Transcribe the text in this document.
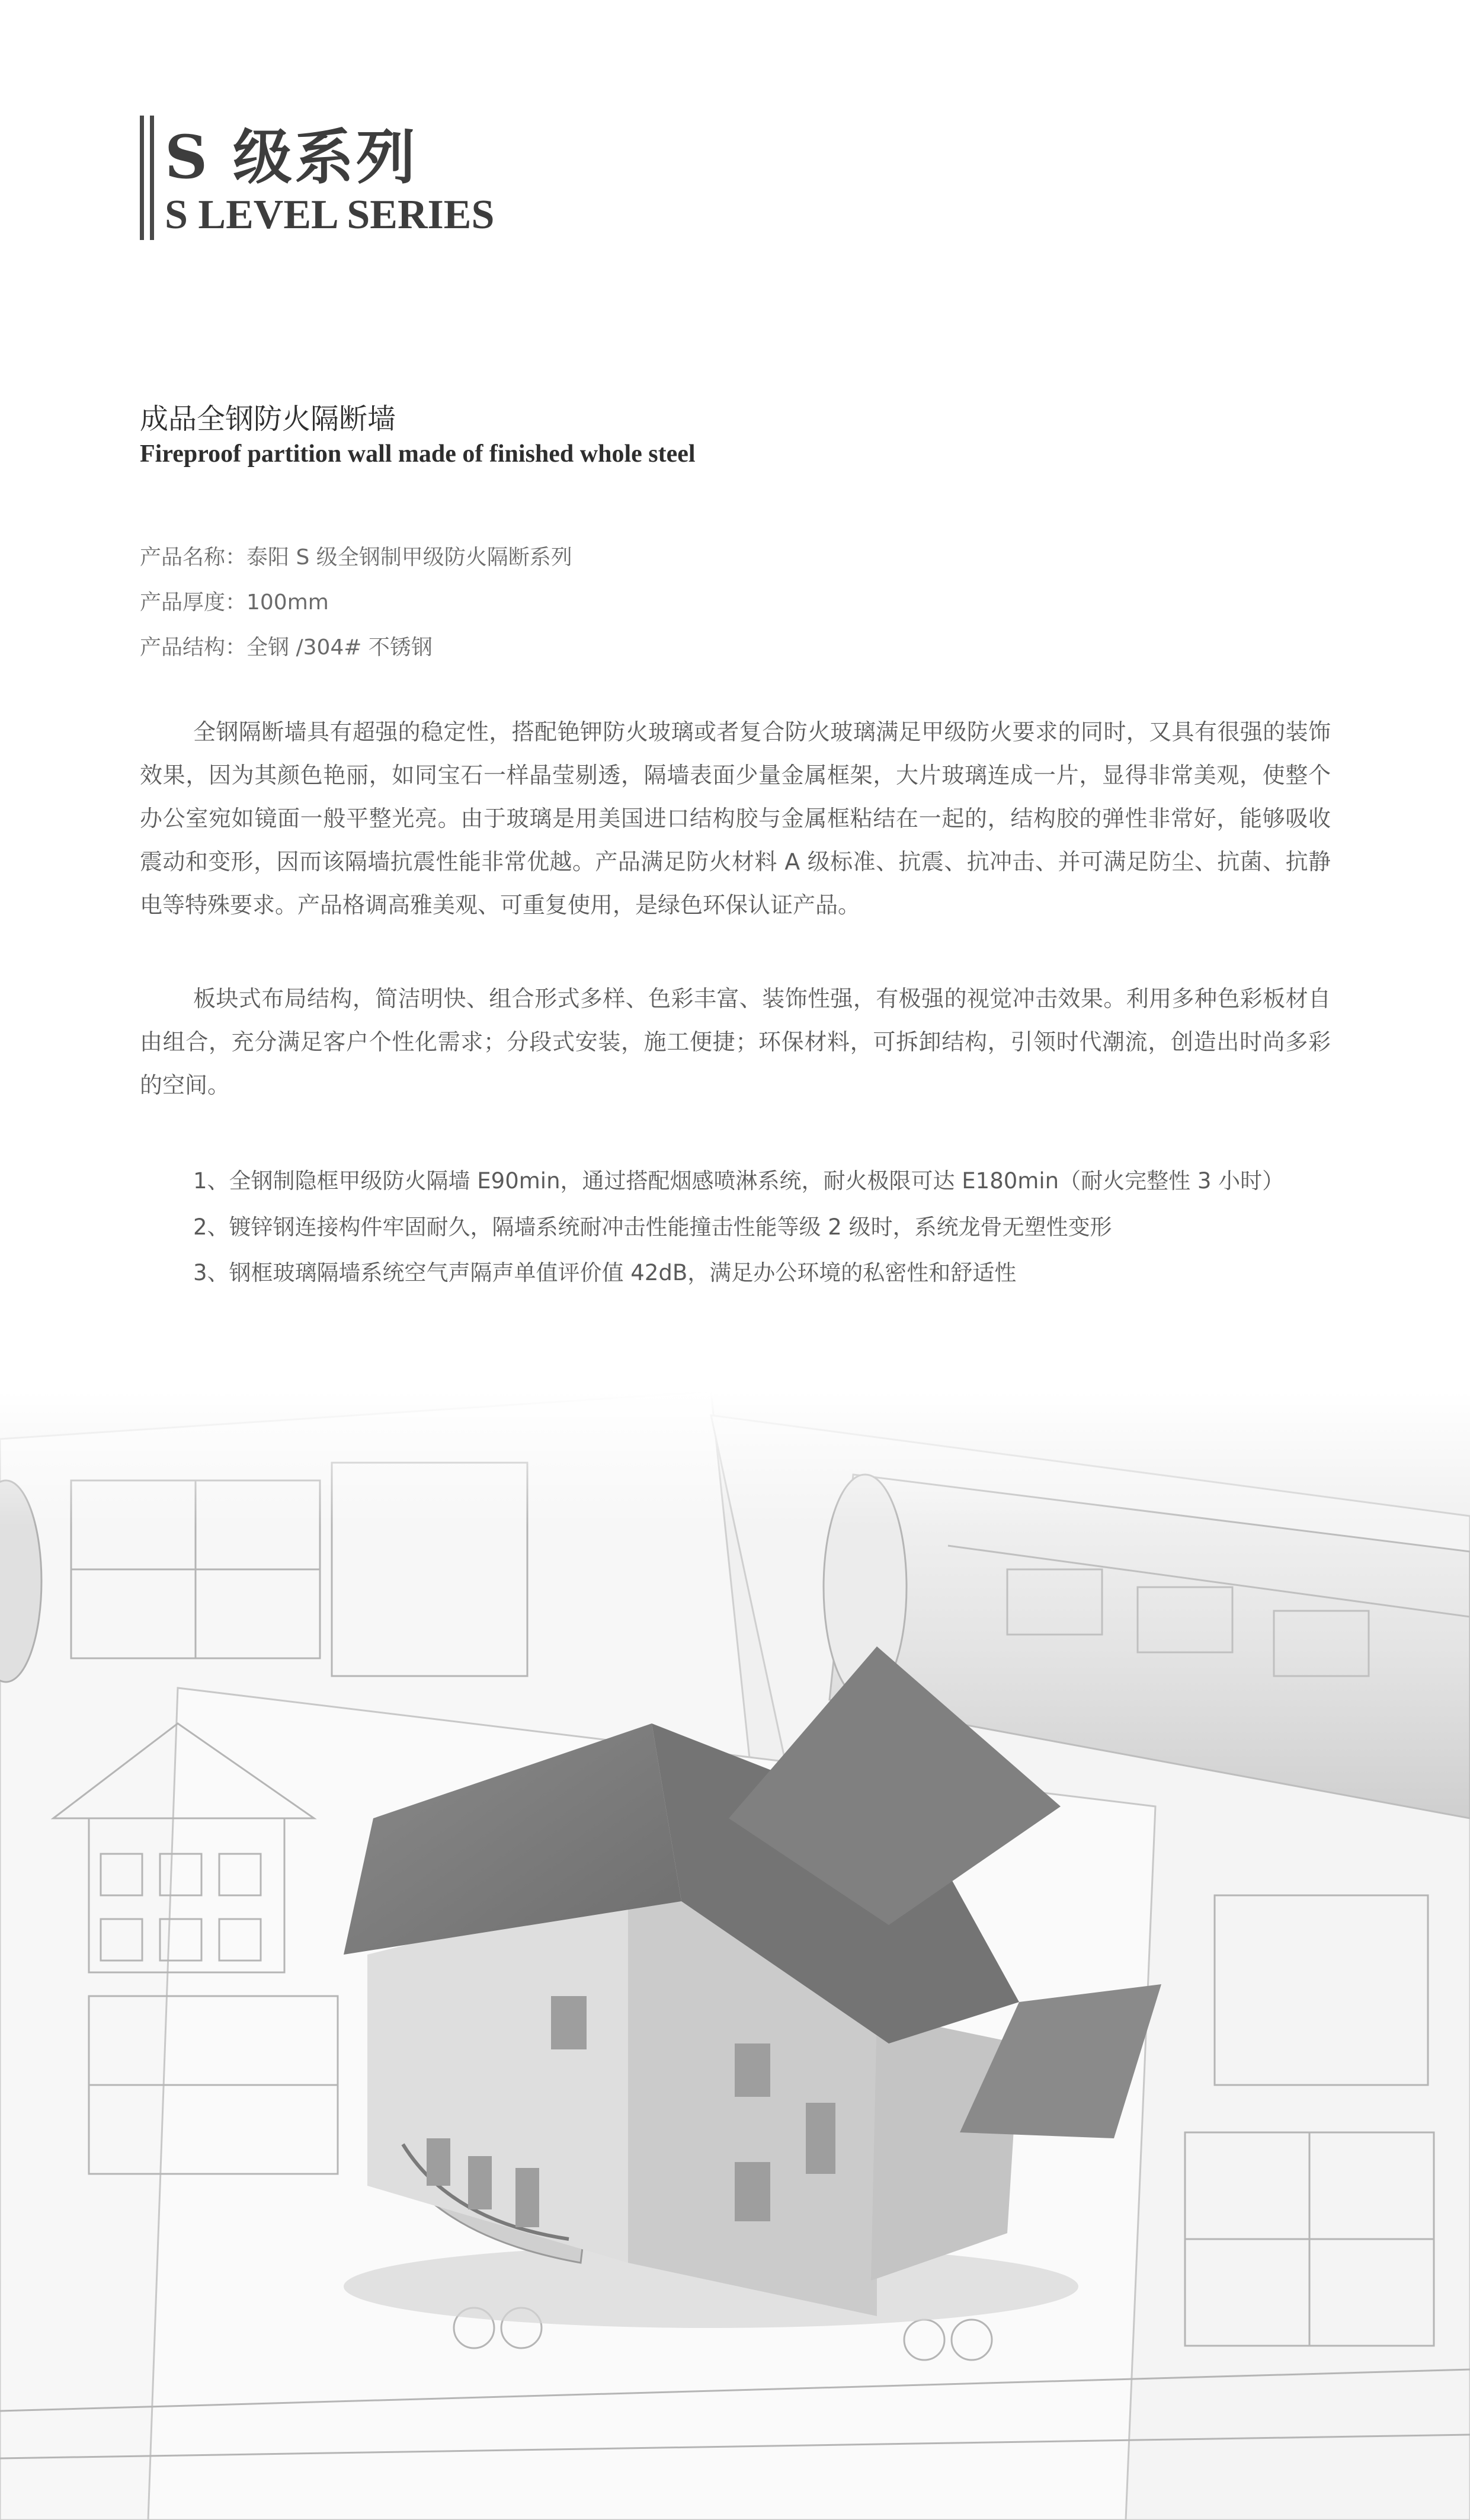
S 级系列
S LEVEL SERIES
成品全钢防火隔断墙
Fireproof partition wall made of finished whole steel
产品名称：泰阳 S 级全钢制甲级防火隔断系列
产品厚度：100mm
产品结构：全钢 /304# 不锈钢

全钢隔断墙具有超强的稳定性，搭配铯钾防火玻璃或者复合防火玻璃满足甲级防火要求的同时，又具有很强的装饰效果，因为其颜色艳丽，如同宝石一样晶莹剔透，隔墙表面少量金属框架，大片玻璃连成一片，显得非常美观，使整个办公室宛如镜面一般平整光亮。由于玻璃是用美国进口结构胶与金属框粘结在一起的，结构胶的弹性非常好，能够吸收震动和变形，因而该隔墙抗震性能非常优越。产品满足防火材料 A 级标准、抗震、抗冲击、并可满足防尘、抗菌、抗静电等特殊要求。产品格调高雅美观、可重复使用，是绿色环保认证产品。

板块式布局结构，简洁明快、组合形式多样、色彩丰富、装饰性强，有极强的视觉冲击效果。利用多种色彩板材自由组合，充分满足客户个性化需求；分段式安装，施工便捷；环保材料，可拆卸结构，引领时代潮流，创造出时尚多彩的空间。

1、全钢制隐框甲级防火隔墙 E90min，通过搭配烟感喷淋系统，耐火极限可达 E180min（耐火完整性 3 小时）
2、镀锌钢连接构件牢固耐久，隔墙系统耐冲击性能撞击性能等级 2 级时，系统龙骨无塑性变形
3、钢框玻璃隔墙系统空气声隔声单值评价值 42dB，满足办公环境的私密性和舒适性
